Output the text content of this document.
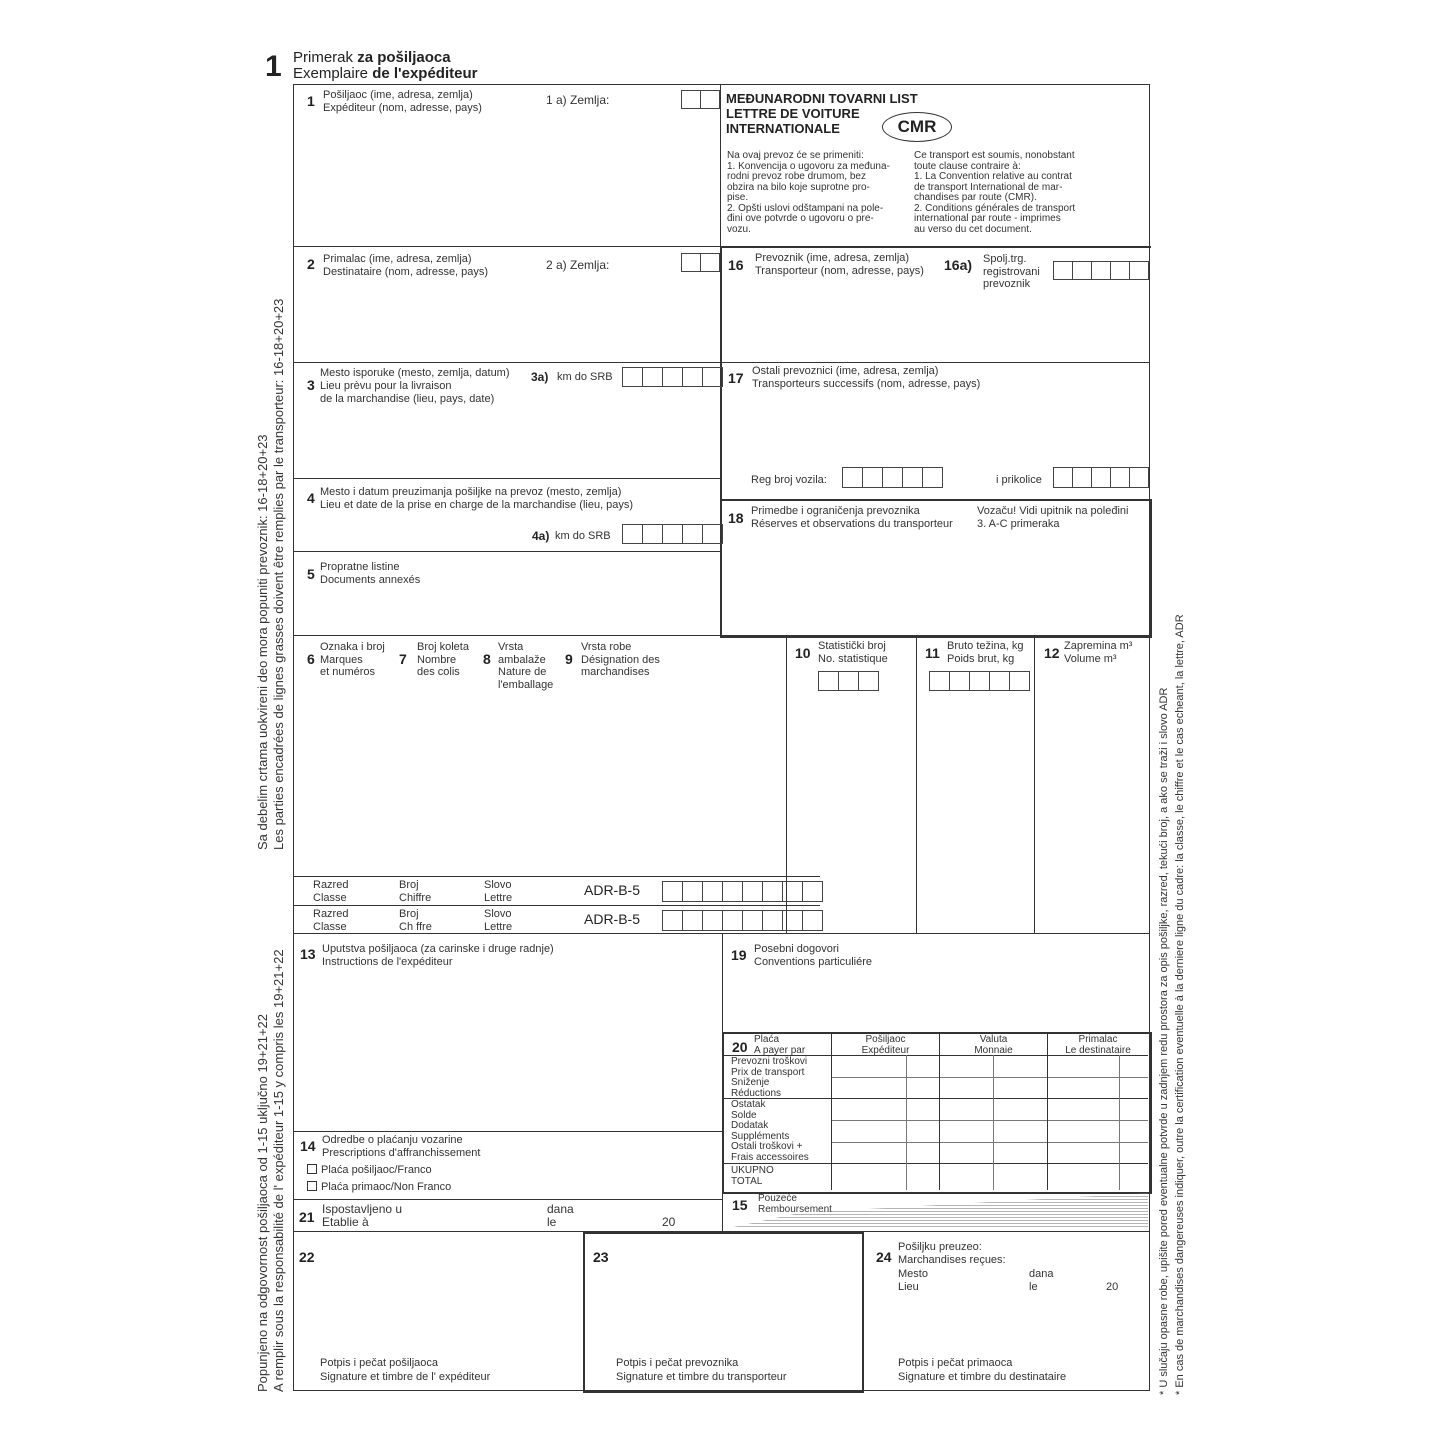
1 Primerak za pošiljaoca
Exemplaire de l'expéditeur
Sa debelim crtama uokvireni deo mora popuniti prevoznik: 16-18+20+23 Les parties encadrées de lignes grasses doivent être remplies par le transporteur: 16-18+20+23
Popunjeno na odgovornost pošiljaoca od 1-15 uključno 19+21+22 A remplir sous la responsabilité de l' expéditeur 1-15 y compris les 19+21+22	* U slučaju opasne robe, upišite pored eventualne potvrde u zadnjem redu prostora za opis pošiljke, razred, tekući broj, a ako se traži i slovo ADR * En cas de marchandises dangereuses indiquer, outre la certification eventuelle à la derniere ligne du cadre: la classe, le chiffre et le cas echeant, la lettre, ADR
1 Pošiljaoc (ime, adresa, zemlja)
Expéditeur (nom, adresse, pays)
1 a) Zemlja:	MEĐUNARODNI TOVARNI LIST
LETTRE DE VOITURE
INTERNATIONALE	CMR
Na ovaj prevoz će se primeniti:
1. Konvencija o ugovoru za međuna-
rodni prevoz robe drumom, bez
obzira na bilo koje suprotne pro-
pise.
2. Opšti uslovi odštampani na pole-
đini ove potvrde o ugovoru o pre-
vozu.
Ce transport est soumis, nonobstant
toute clause contraire à:
1. La Convention relative au contrat
de transport International de mar-
chandises par route (CMR).
2. Conditions générales de transport
international par route - imprimes
au verso du cet document.
2 Primalac (ime, adresa, zemlja)
Destinataire (nom, adresse, pays)	2 a) Zemlja:	16 Prevoznik (ime, adresa, zemlja)
Transporteur (nom, adresse, pays) 16a) Spolj.trg.
registrovani
prevoznik
3
Mesto isporuke (mesto, zemlja, datum)
Lieu prèvu pour la livraison
de la marchandise (lieu, pays, date)
3a) km do SRB	17 Ostali prevoznici (ime, adresa, zemlja)
Transporteurs successifs (nom, adresse, pays)
Reg broj vozila:	i prikolice
4 Mesto i datum preuzimanja pošiljke na prevoz (mesto, zemlja)
Lieu et date de la prise en charge de la marchandise (lieu, pays)
4a) km do SRB
18 Primedbe i ograničenja prevoznika
Réserves et observations du transporteur
Vozaču! Vidi upitnik na poleđini
3. A-C primeraka
5 Propratne listine
Documents annexés
6
Oznaka i broj
Marques
et numéros
7
Broj koleta
Nombre
des colis
8
Vrsta
ambalaže
Nature de
l'emballage
9
Vrsta robe
Désignation des
marchandises
10 Statistički broj
No. statistique	11 Bruto težina, kg
Poids brut, kg	12 Zapremina m³
Volume m³
Razred
Classe
Broj
Chiffre
Slovo
Lettre	ADR-B-5
Razred
Classe
Broj
Ch ffre
Slovo
Lettre	ADR-B-5
13 Uputstva pošiljaoca (za carinske i druge radnje)
Instructions de l'expéditeur	19 Posebni dogovori
Conventions particuliére
20 Plaća
A payer par
Pošiljaoc
Expéditeur
Valuta
Monnaie
Primalac
Le destinataire
Prevozni troškovi
Prix de transport
Sniženje
Réductions
Ostatak
Solde
Dodatak
Suppléments
Ostali troškovi +
Frais accessoires
UKUPNO
TOTAL
14 Odredbe o plaćanju vozarine
Prescriptions d'affranchissement
Plaća pošiljaoc/Franco
Plaća primaoc/Non Franco
15 Pouzeće
Remboursement
21 Ispostavljeno u
Etablie à
dana
le	20
22
Potpis i pečat pošiljaoca
Signature et timbre de l' expéditeur
23
Potpis i pečat prevoznika
Signature et timbre du transporteur
24
Pošiljku preuzeo:
Marchandises reçues:
Mesto
Lieu
dana
le	20
Potpis i pečat primaoca
Signature et timbre du destinataire
